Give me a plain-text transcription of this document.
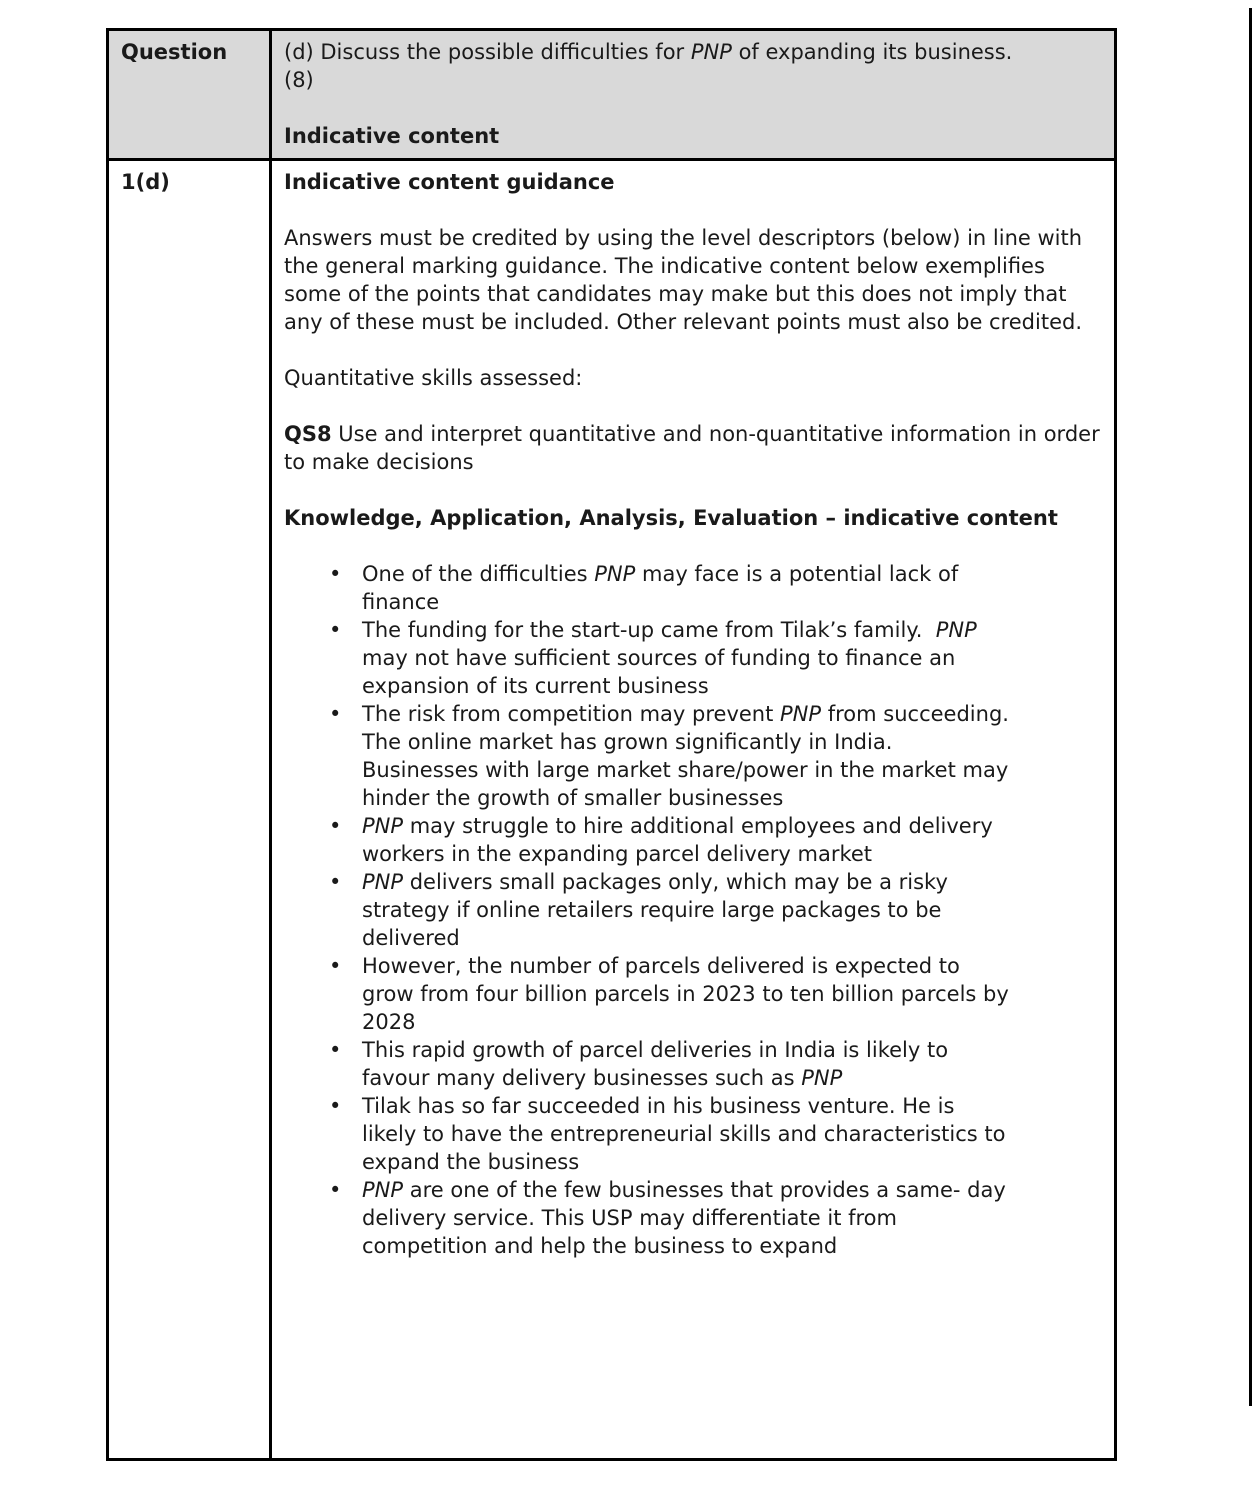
Question	(d) Discuss the possible difficulties for PNP of expanding its business.

(8)

Indicative content

1(d)	Indicative content guidance

Answers must be credited by using the level descriptors (below) in line with the general marking guidance. The indicative content below exemplifies some of the points that candidates may make but this does not imply that any of these must be included. Other relevant points must also be credited.

Quantitative skills assessed:

QS8 Use and interpret quantitative and non-quantitative information in order to make decisions

Knowledge, Application, Analysis, Evaluation – indicative content

• One of the difficulties PNP may face is a potential lack of finance
• The funding for the start-up came from Tilak’s family.  PNP may not have sufficient sources of funding to finance an expansion of its current business
• The risk from competition may prevent PNP from succeeding. The online market has grown significantly in India. Businesses with large market share/power in the market may hinder the growth of smaller businesses
• PNP may struggle to hire additional employees and delivery workers in the expanding parcel delivery market
• PNP delivers small packages only, which may be a risky strategy if online retailers require large packages to be delivered
• However, the number of parcels delivered is expected to grow from four billion parcels in 2023 to ten billion parcels by 2028
• This rapid growth of parcel deliveries in India is likely to favour many delivery businesses such as PNP
• Tilak has so far succeeded in his business venture. He is likely to have the entrepreneurial skills and characteristics to expand the business
• PNP are one of the few businesses that provides a same- day delivery service. This USP may differentiate it from competition and help the business to expand
